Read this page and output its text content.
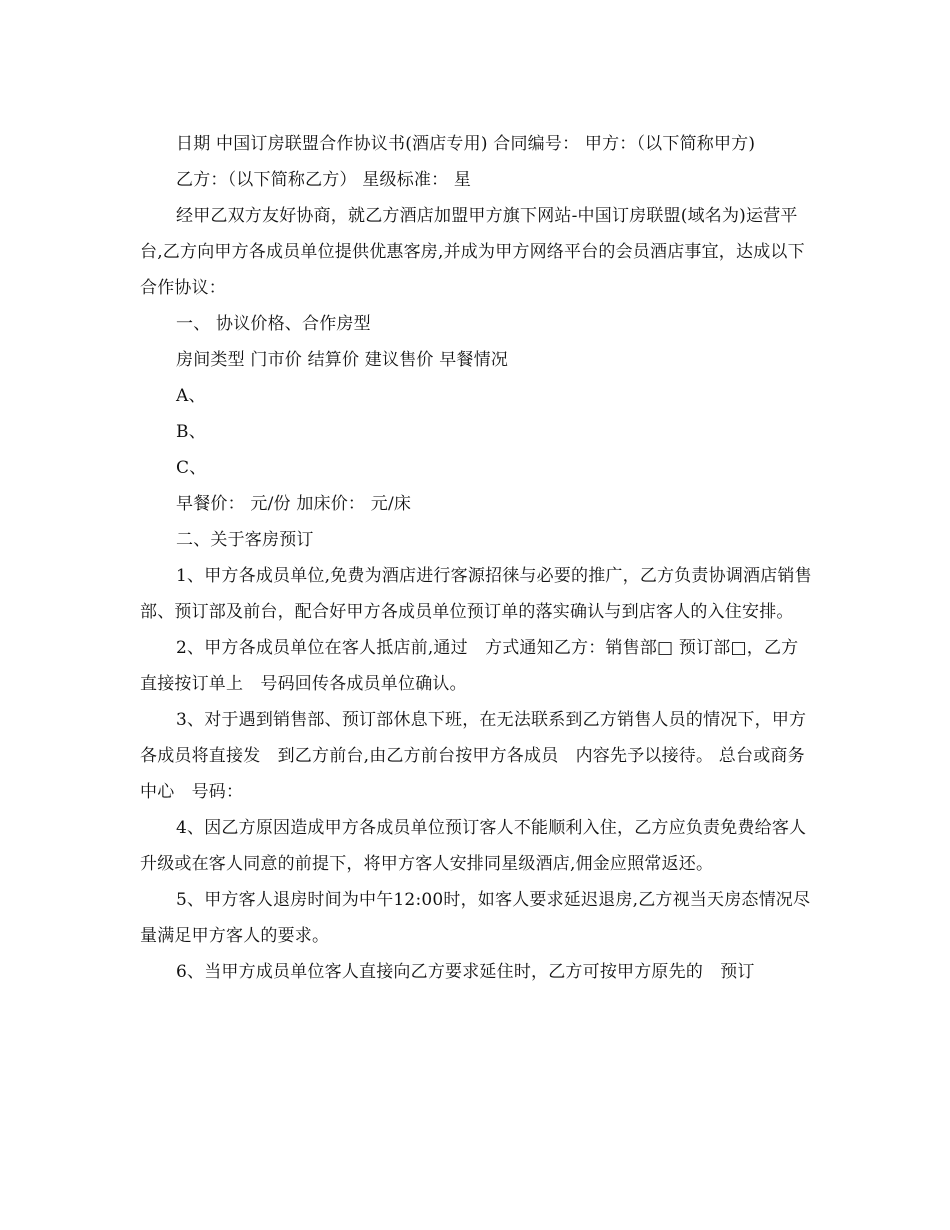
日期 中国订房联盟合作协议书(酒店专用) 合同编号： 甲方：（以下简称甲方)

乙方：（以下简称乙方） 星级标准： 星

经甲乙双方友好协商，就乙方酒店加盟甲方旗下网站-中国订房联盟(域名为)运营平台,乙方向甲方各成员单位提供优惠客房,并成为甲方网络平台的会员酒店事宜，达成以下合作协议：

一、 协议价格、合作房型

房间类型 门市价 结算价 建议售价 早餐情况

A、

B、

C、

早餐价： 元/份 加床价： 元/床

二、关于客房预订

1、甲方各成员单位,免费为酒店进行客源招徕与必要的推广，乙方负责协调酒店销售部、预订部及前台，配合好甲方各成员单位预订单的落实确认与到店客人的入住安排。

2、甲方各成员单位在客人抵店前,通过　方式通知乙方：销售部□ 预订部□，乙方直接按订单上　号码回传各成员单位确认。

3、对于遇到销售部、预订部休息下班，在无法联系到乙方销售人员的情况下，甲方各成员将直接发　到乙方前台,由乙方前台按甲方各成员　内容先予以接待。 总台或商务中心　号码：

4、因乙方原因造成甲方各成员单位预订客人不能顺利入住，乙方应负责免费给客人升级或在客人同意的前提下，将甲方客人安排同星级酒店,佣金应照常返还。

5、甲方客人退房时间为中午12:00时，如客人要求延迟退房,乙方视当天房态情况尽量满足甲方客人的要求。

6、当甲方成员单位客人直接向乙方要求延住时，乙方可按甲方原先的　预订
